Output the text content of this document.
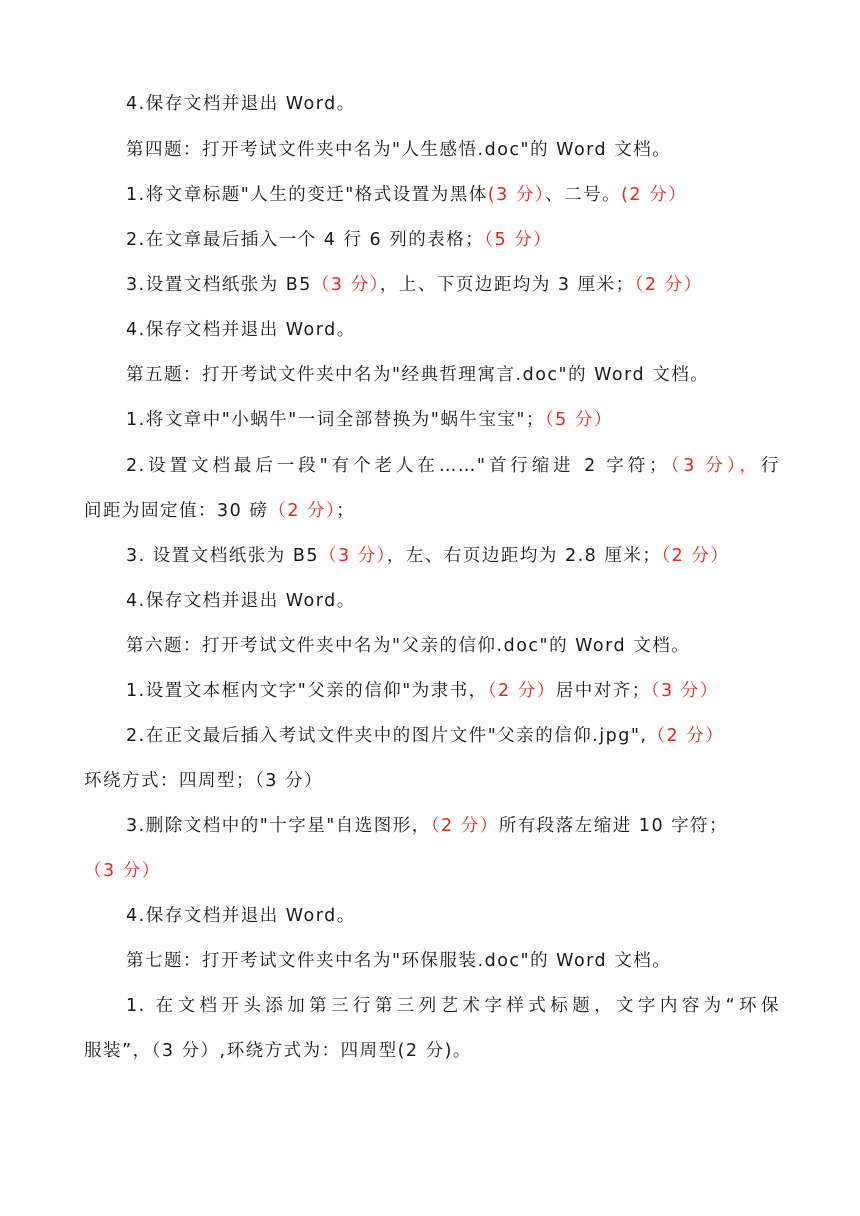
4.保存文档并退出 Word。
第四题：打开考试文件夹中名为"人生感悟.doc"的 Word 文档。
1.将文章标题"人生的变迁"格式设置为黑体(3 分）、二号。(2 分）
2.在文章最后插入一个 4 行 6 列的表格；（5 分）
3.设置文档纸张为 B5（3 分），上、下页边距均为 3 厘米；（2 分）
4.保存文档并退出 Word。
第五题：打开考试文件夹中名为"经典哲理寓言.doc"的 Word 文档。
1.将文章中"小蜗牛"一词全部替换为"蜗牛宝宝"；（5 分）
2.设置文档最后一段"有个老人在……"首行缩进 2 字符；（3 分），行
间距为固定值：30 磅（2 分）；
3. 设置文档纸张为 B5（3 分），左、右页边距均为 2.8 厘米；（2 分）
4.保存文档并退出 Word。
第六题：打开考试文件夹中名为"父亲的信仰.doc"的 Word 文档。
1.设置文本框内文字"父亲的信仰"为隶书，（2 分）居中对齐；（3 分）
2.在正文最后插入考试文件夹中的图片文件"父亲的信仰.jpg",（2 分）
环绕方式：四周型；（3 分）
3.删除文档中的"十字星"自选图形，（2 分）所有段落左缩进 10 字符；
（3 分）
4.保存文档并退出 Word。
第七题：打开考试文件夹中名为"环保服装.doc"的 Word 文档。
1. 在文档开头添加第三行第三列艺术字样式标题，文字内容为“环保
服装”，（3 分）,环绕方式为：四周型(2 分)。
